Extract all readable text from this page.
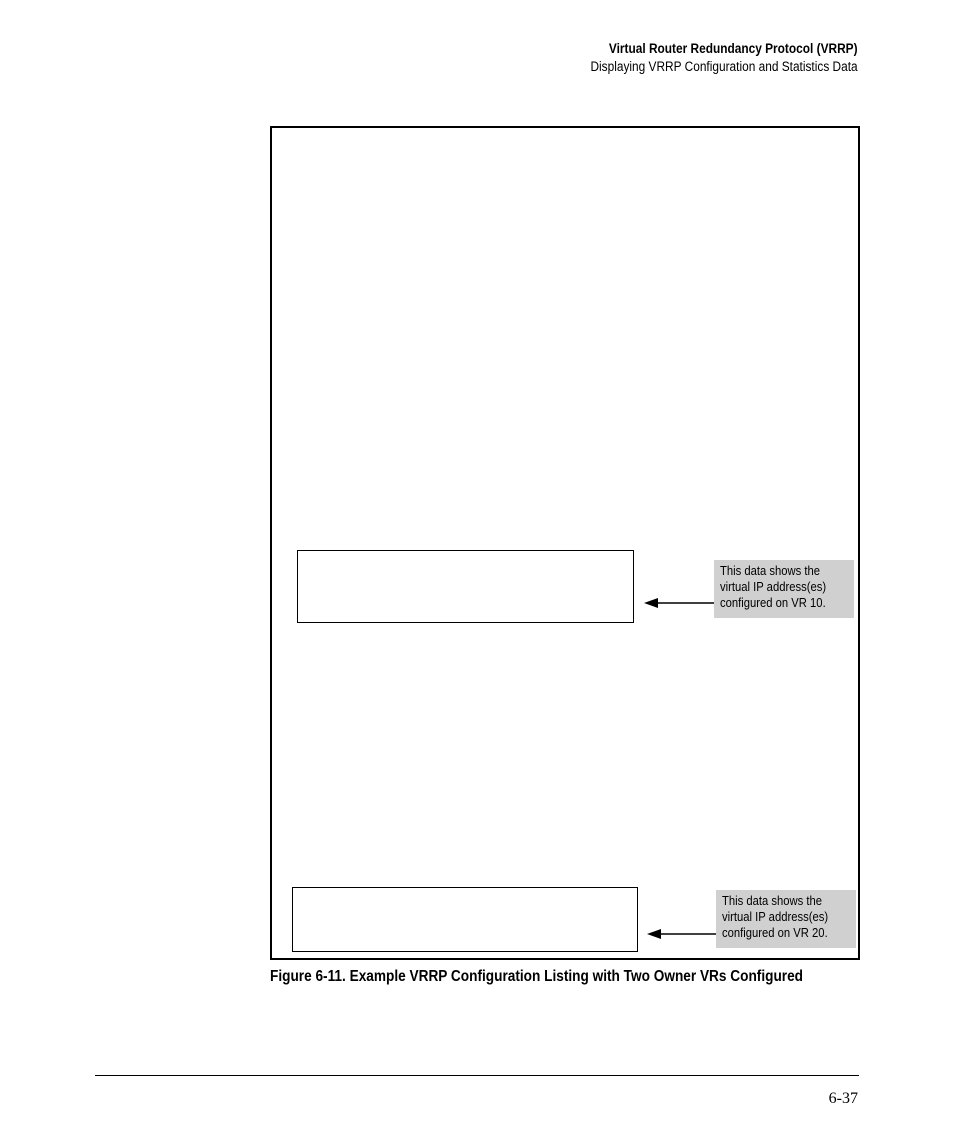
Virtual Router Redundancy Protocol (VRRP)
Displaying VRRP Configuration and Statistics Data
This data shows the
virtual IP address(es)
configured on VR 10.
This data shows the
virtual IP address(es)
configured on VR 20.
Figure 6-11. Example VRRP Configuration Listing with Two Owner VRs Configured
6-37
